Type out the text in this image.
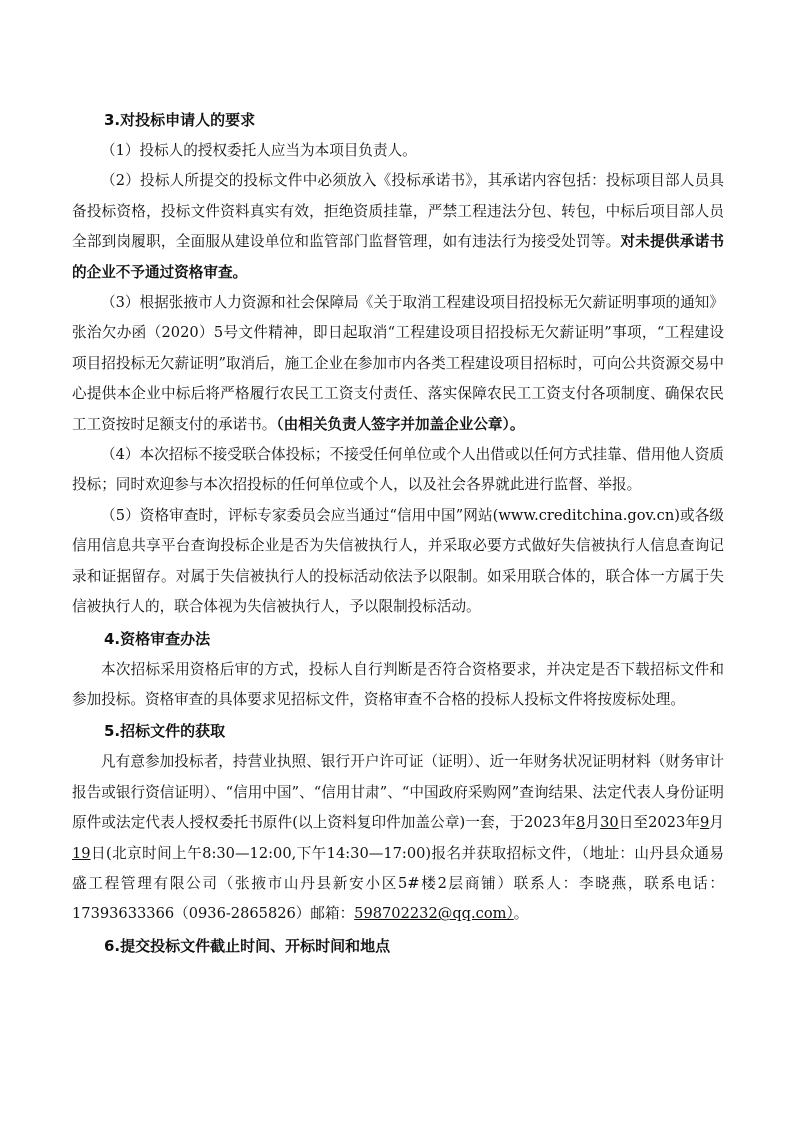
3.对投标申请人的要求

（1）投标人的授权委托人应当为本项目负责人。

（2）投标人所提交的投标文件中必须放入《投标承诺书》，其承诺内容包括：投标项目部人员具备投标资格，投标文件资料真实有效，拒绝资质挂靠，严禁工程违法分包、转包，中标后项目部人员全部到岗履职，全面服从建设单位和监管部门监督管理，如有违法行为接受处罚等。对未提供承诺书的企业不予通过资格审查。

（3）根据张掖市人力资源和社会保障局《关于取消工程建设项目招投标无欠薪证明事项的通知》张治欠办函（2020）5号文件精神，即日起取消“工程建设项目招投标无欠薪证明”事项，“工程建设项目招投标无欠薪证明”取消后，施工企业在参加市内各类工程建设项目招标时，可向公共资源交易中心提供本企业中标后将严格履行农民工工资支付责任、落实保障农民工工资支付各项制度、确保农民工工资按时足额支付的承诺书。（由相关负责人签字并加盖企业公章）。

（4）本次招标不接受联合体投标；不接受任何单位或个人出借或以任何方式挂靠、借用他人资质投标；同时欢迎参与本次招投标的任何单位或个人，以及社会各界就此进行监督、举报。

（5）资格审查时，评标专家委员会应当通过“信用中国”网站(www.creditchina.gov.cn)或各级信用信息共享平台查询投标企业是否为失信被执行人，并采取必要方式做好失信被执行人信息查询记录和证据留存。对属于失信被执行人的投标活动依法予以限制。如采用联合体的，联合体一方属于失信被执行人的，联合体视为失信被执行人，予以限制投标活动。

4.资格审查办法

本次招标采用资格后审的方式，投标人自行判断是否符合资格要求，并决定是否下载招标文件和参加投标。资格审查的具体要求见招标文件，资格审查不合格的投标人投标文件将按废标处理。

5.招标文件的获取

凡有意参加投标者，持营业执照、银行开户许可证（证明）、近一年财务状况证明材料（财务审计报告或银行资信证明）、“信用中国”、“信用甘肃”、“中国政府采购网”查询结果、法定代表人身份证明原件或法定代表人授权委托书原件(以上资料复印件加盖公章)一套，于2023年8月30日至2023年9月19日(北京时间上午8:30—12:00,下午14:30—17:00)报名并获取招标文件，（地址：山丹县众通易盛工程管理有限公司（张掖市山丹县新安小区5#楼2层商铺）联系人：李晓燕，联系电话：17393633366（0936-2865826）邮箱：598702232@qq.com）。

6.提交投标文件截止时间、开标时间和地点
